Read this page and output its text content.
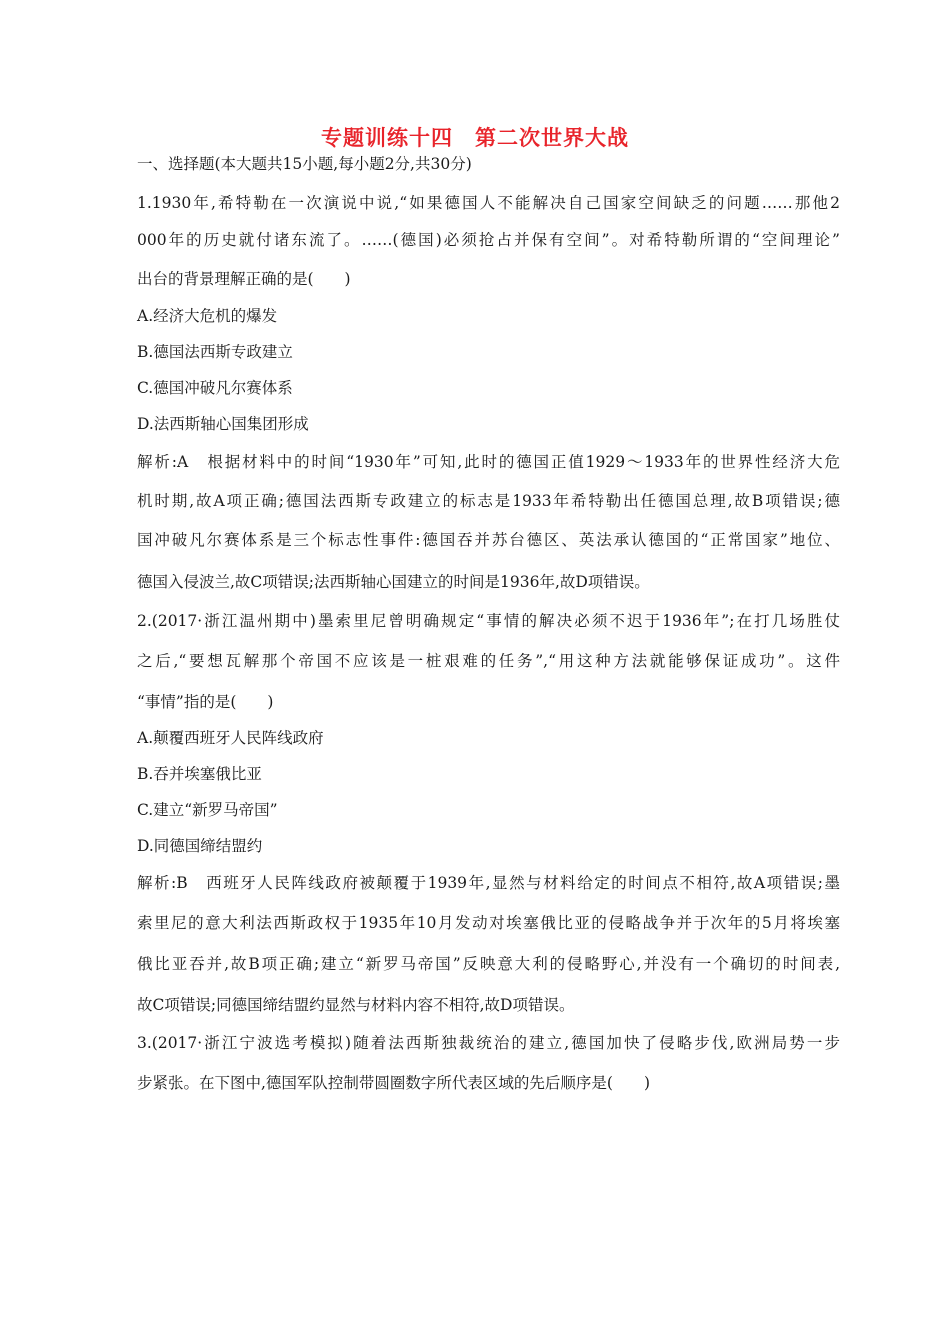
专题训练十四　第二次世界大战
一、选择题(本大题共15小题,每小题2分,共30分)
1.1930年,希特勒在一次演说中说,“如果德国人不能解决自己国家空间缺乏的问题……那他2
000年的历史就付诸东流了。……(德国)必须抢占并保有空间”。对希特勒所谓的“空间理论”
出台的背景理解正确的是(　　)
A.经济大危机的爆发
B.德国法西斯专政建立
C.德国冲破凡尔赛体系
D.法西斯轴心国集团形成
解析:A　根据材料中的时间“1930年”可知,此时的德国正值1929～1933年的世界性经济大危
机时期,故A项正确;德国法西斯专政建立的标志是1933年希特勒出任德国总理,故B项错误;德
国冲破凡尔赛体系是三个标志性事件:德国吞并苏台德区、英法承认德国的“正常国家”地位、
德国入侵波兰,故C项错误;法西斯轴心国建立的时间是1936年,故D项错误。
2.(2017·浙江温州期中)墨索里尼曾明确规定“事情的解决必须不迟于1936年”;在打几场胜仗
之后,“要想瓦解那个帝国不应该是一桩艰难的任务”,“用这种方法就能够保证成功”。这件
“事情”指的是(　　)
A.颠覆西班牙人民阵线政府
B.吞并埃塞俄比亚
C.建立“新罗马帝国”
D.同德国缔结盟约
解析:B　西班牙人民阵线政府被颠覆于1939年,显然与材料给定的时间点不相符,故A项错误;墨
索里尼的意大利法西斯政权于1935年10月发动对埃塞俄比亚的侵略战争并于次年的5月将埃塞
俄比亚吞并,故B项正确;建立“新罗马帝国”反映意大利的侵略野心,并没有一个确切的时间表,
故C项错误;同德国缔结盟约显然与材料内容不相符,故D项错误。
3.(2017·浙江宁波选考模拟)随着法西斯独裁统治的建立,德国加快了侵略步伐,欧洲局势一步
步紧张。在下图中,德国军队控制带圆圈数字所代表区域的先后顺序是(　　)
